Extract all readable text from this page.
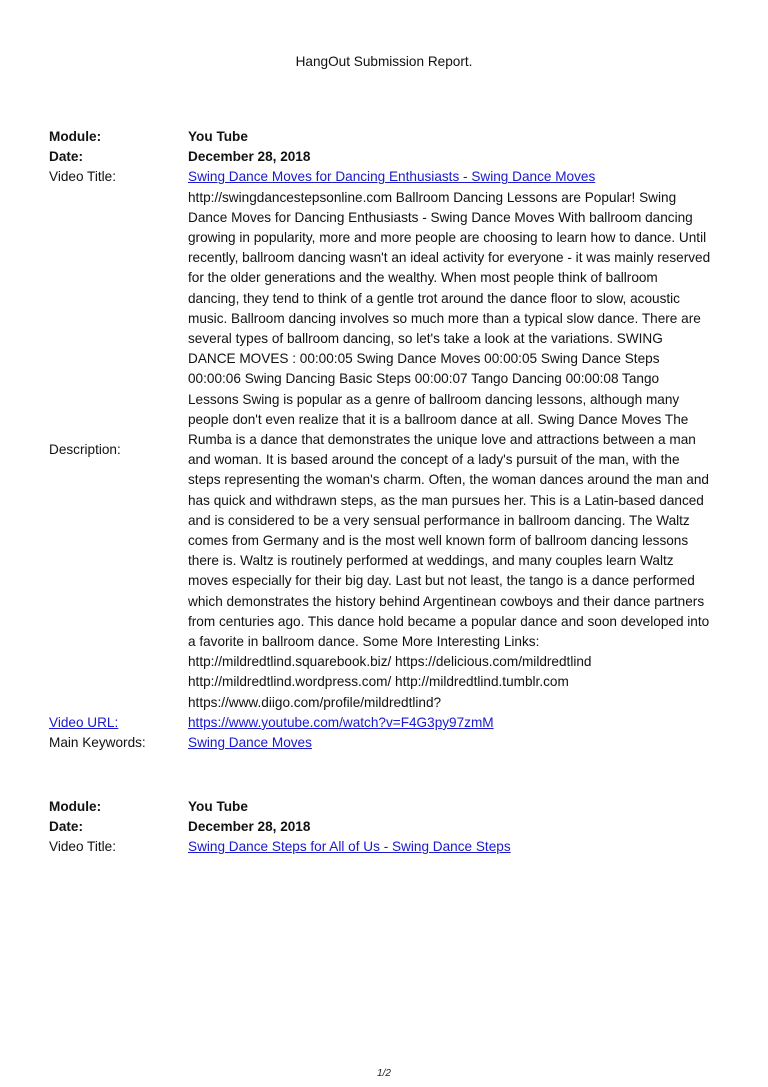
HangOut Submission Report.
Module:	You Tube
Date:	December 28, 2018
Video Title:	Swing Dance Moves for Dancing Enthusiasts - Swing Dance Moves
Description:
http://swingdancestepsonline.com Ballroom Dancing Lessons are Popular! Swing
Dance Moves for Dancing Enthusiasts - Swing Dance Moves With ballroom dancing
growing in popularity, more and more people are choosing to learn how to dance. Until
recently, ballroom dancing wasn't an ideal activity for everyone - it was mainly reserved
for the older generations and the wealthy. When most people think of ballroom
dancing, they tend to think of a gentle trot around the dance floor to slow, acoustic
music. Ballroom dancing involves so much more than a typical slow dance. There are
several types of ballroom dancing, so let's take a look at the variations. SWING
DANCE MOVES : 00:00:05 Swing Dance Moves 00:00:05 Swing Dance Steps
00:00:06 Swing Dancing Basic Steps 00:00:07 Tango Dancing 00:00:08 Tango
Lessons Swing is popular as a genre of ballroom dancing lessons, although many
people don't even realize that it is a ballroom dance at all. Swing Dance Moves The
Rumba is a dance that demonstrates the unique love and attractions between a man
and woman. It is based around the concept of a lady's pursuit of the man, with the
steps representing the woman's charm. Often, the woman dances around the man and
has quick and withdrawn steps, as the man pursues her. This is a Latin-based danced
and is considered to be a very sensual performance in ballroom dancing. The Waltz
comes from Germany and is the most well known form of ballroom dancing lessons
there is. Waltz is routinely performed at weddings, and many couples learn Waltz
moves especially for their big day. Last but not least, the tango is a dance performed
which demonstrates the history behind Argentinean cowboys and their dance partners
from centuries ago. This dance hold became a popular dance and soon developed into
a favorite in ballroom dance. Some More Interesting Links:
http://mildredtlind.squarebook.biz/ https://delicious.com/mildredtlind
http://mildredtlind.wordpress.com/ http://mildredtlind.tumblr.com
https://www.diigo.com/profile/mildredtlind?
Video URL:	https://www.youtube.com/watch?v=F4G3py97zmM
Main Keywords:	Swing Dance Moves
Module:	You Tube
Date:	December 28, 2018
Video Title:	Swing Dance Steps for All of Us - Swing Dance Steps
1/2
